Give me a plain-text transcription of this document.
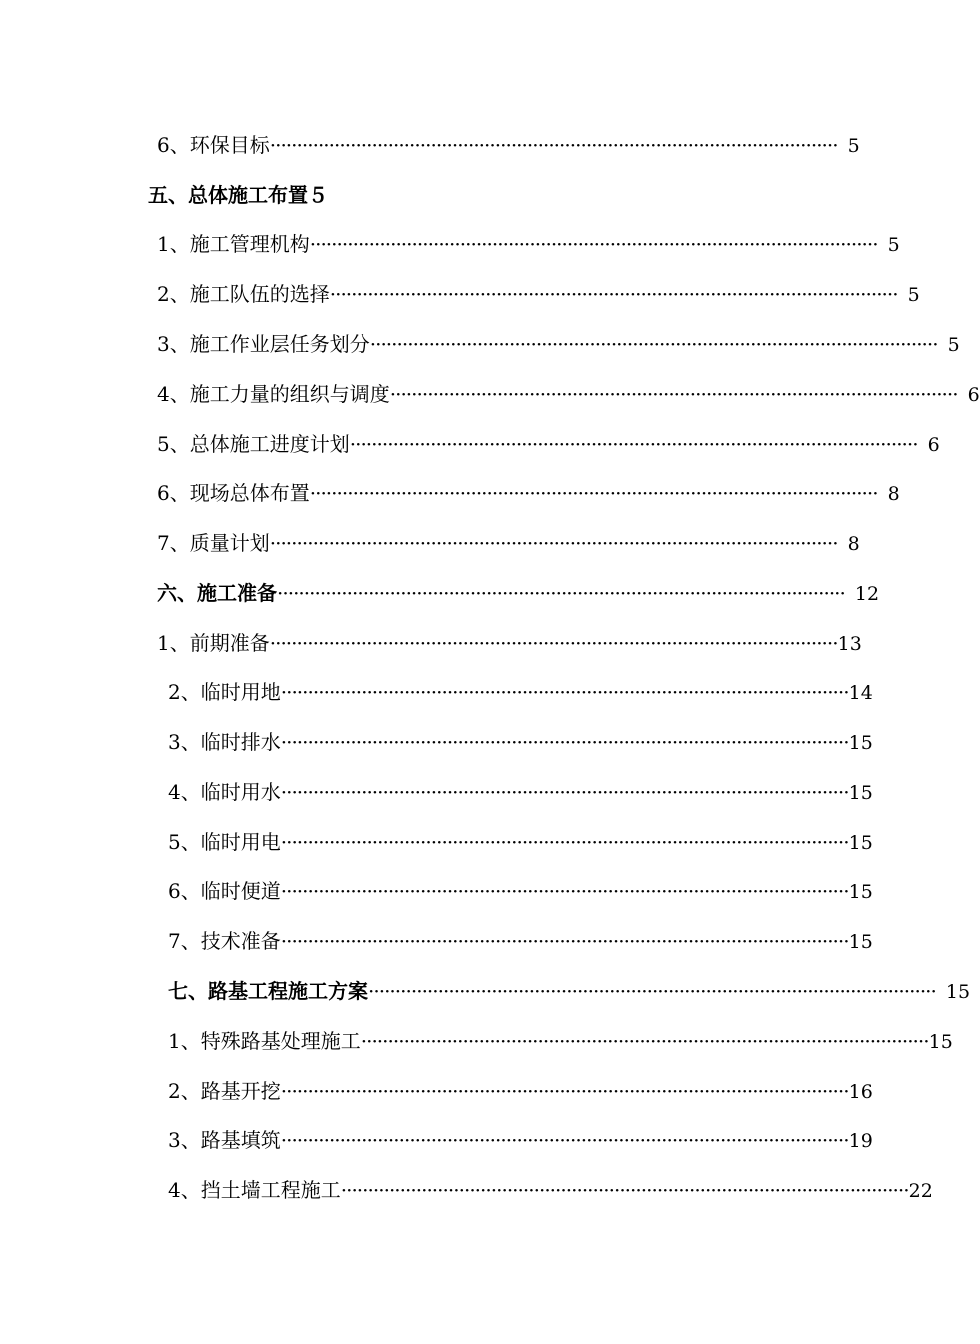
6、环保目标 ·········································································································· 5
五、总体施工布置５
1、施工管理机构 ·········································································································· 5
2、施工队伍的选择 ·········································································································· 5
3、施工作业层任务划分 ·········································································································· 5
4、施工力量的组织与调度 ·········································································································· 6
5、总体施工进度计划 ·········································································································· 6
6、现场总体布置 ·········································································································· 8
7、质量计划 ·········································································································· 8
六、施工准备 ·········································································································· 12
1、前期准备 ·········································································································· 13
2、临时用地 ·········································································································· 14
3、临时排水 ·········································································································· 15
4、临时用水 ·········································································································· 15
5、临时用电 ·········································································································· 15
6、临时便道 ·········································································································· 15
7、技术准备 ·········································································································· 15
七、路基工程施工方案 ·········································································································· 15
1、特殊路基处理施工 ·········································································································· 15
2、路基开挖 ·········································································································· 16
3、路基填筑 ·········································································································· 19
4、挡土墙工程施工 ·········································································································· 22
